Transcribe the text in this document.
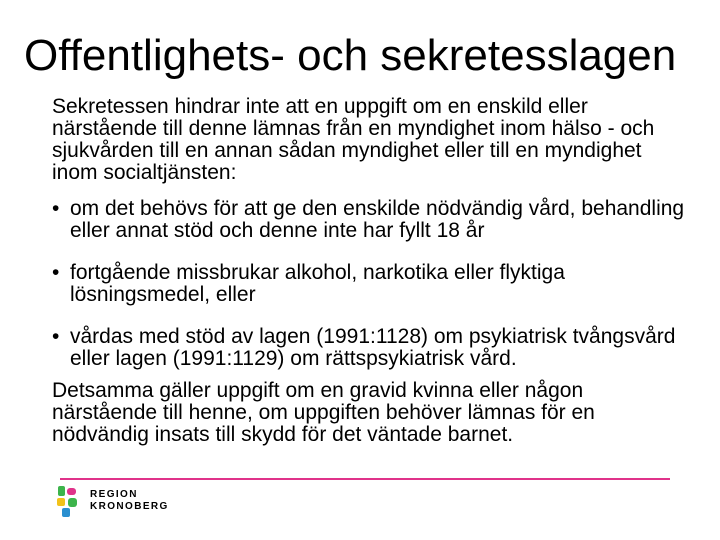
Offentlighets- och sekretesslagen

Sekretessen hindrar inte att en uppgift om en enskild eller närstående till denne lämnas från en myndighet inom hälso - och sjukvården till en annan sådan myndighet eller till en myndighet inom socialtjänsten:

• om det behövs för att ge den enskilde nödvändig vård, behandling eller annat stöd och denne inte har fyllt 18 år
• fortgående missbrukar alkohol, narkotika eller flyktiga lösningsmedel, eller
• vårdas med stöd av lagen (1991:1128) om psykiatrisk tvångsvård eller lagen (1991:1129) om rättspsykiatrisk vård.

Detsamma gäller uppgift om en gravid kvinna eller någon närstående till henne, om uppgiften behöver lämnas för en nödvändig insats till skydd för det väntade barnet.

REGION
KRONOBERG
